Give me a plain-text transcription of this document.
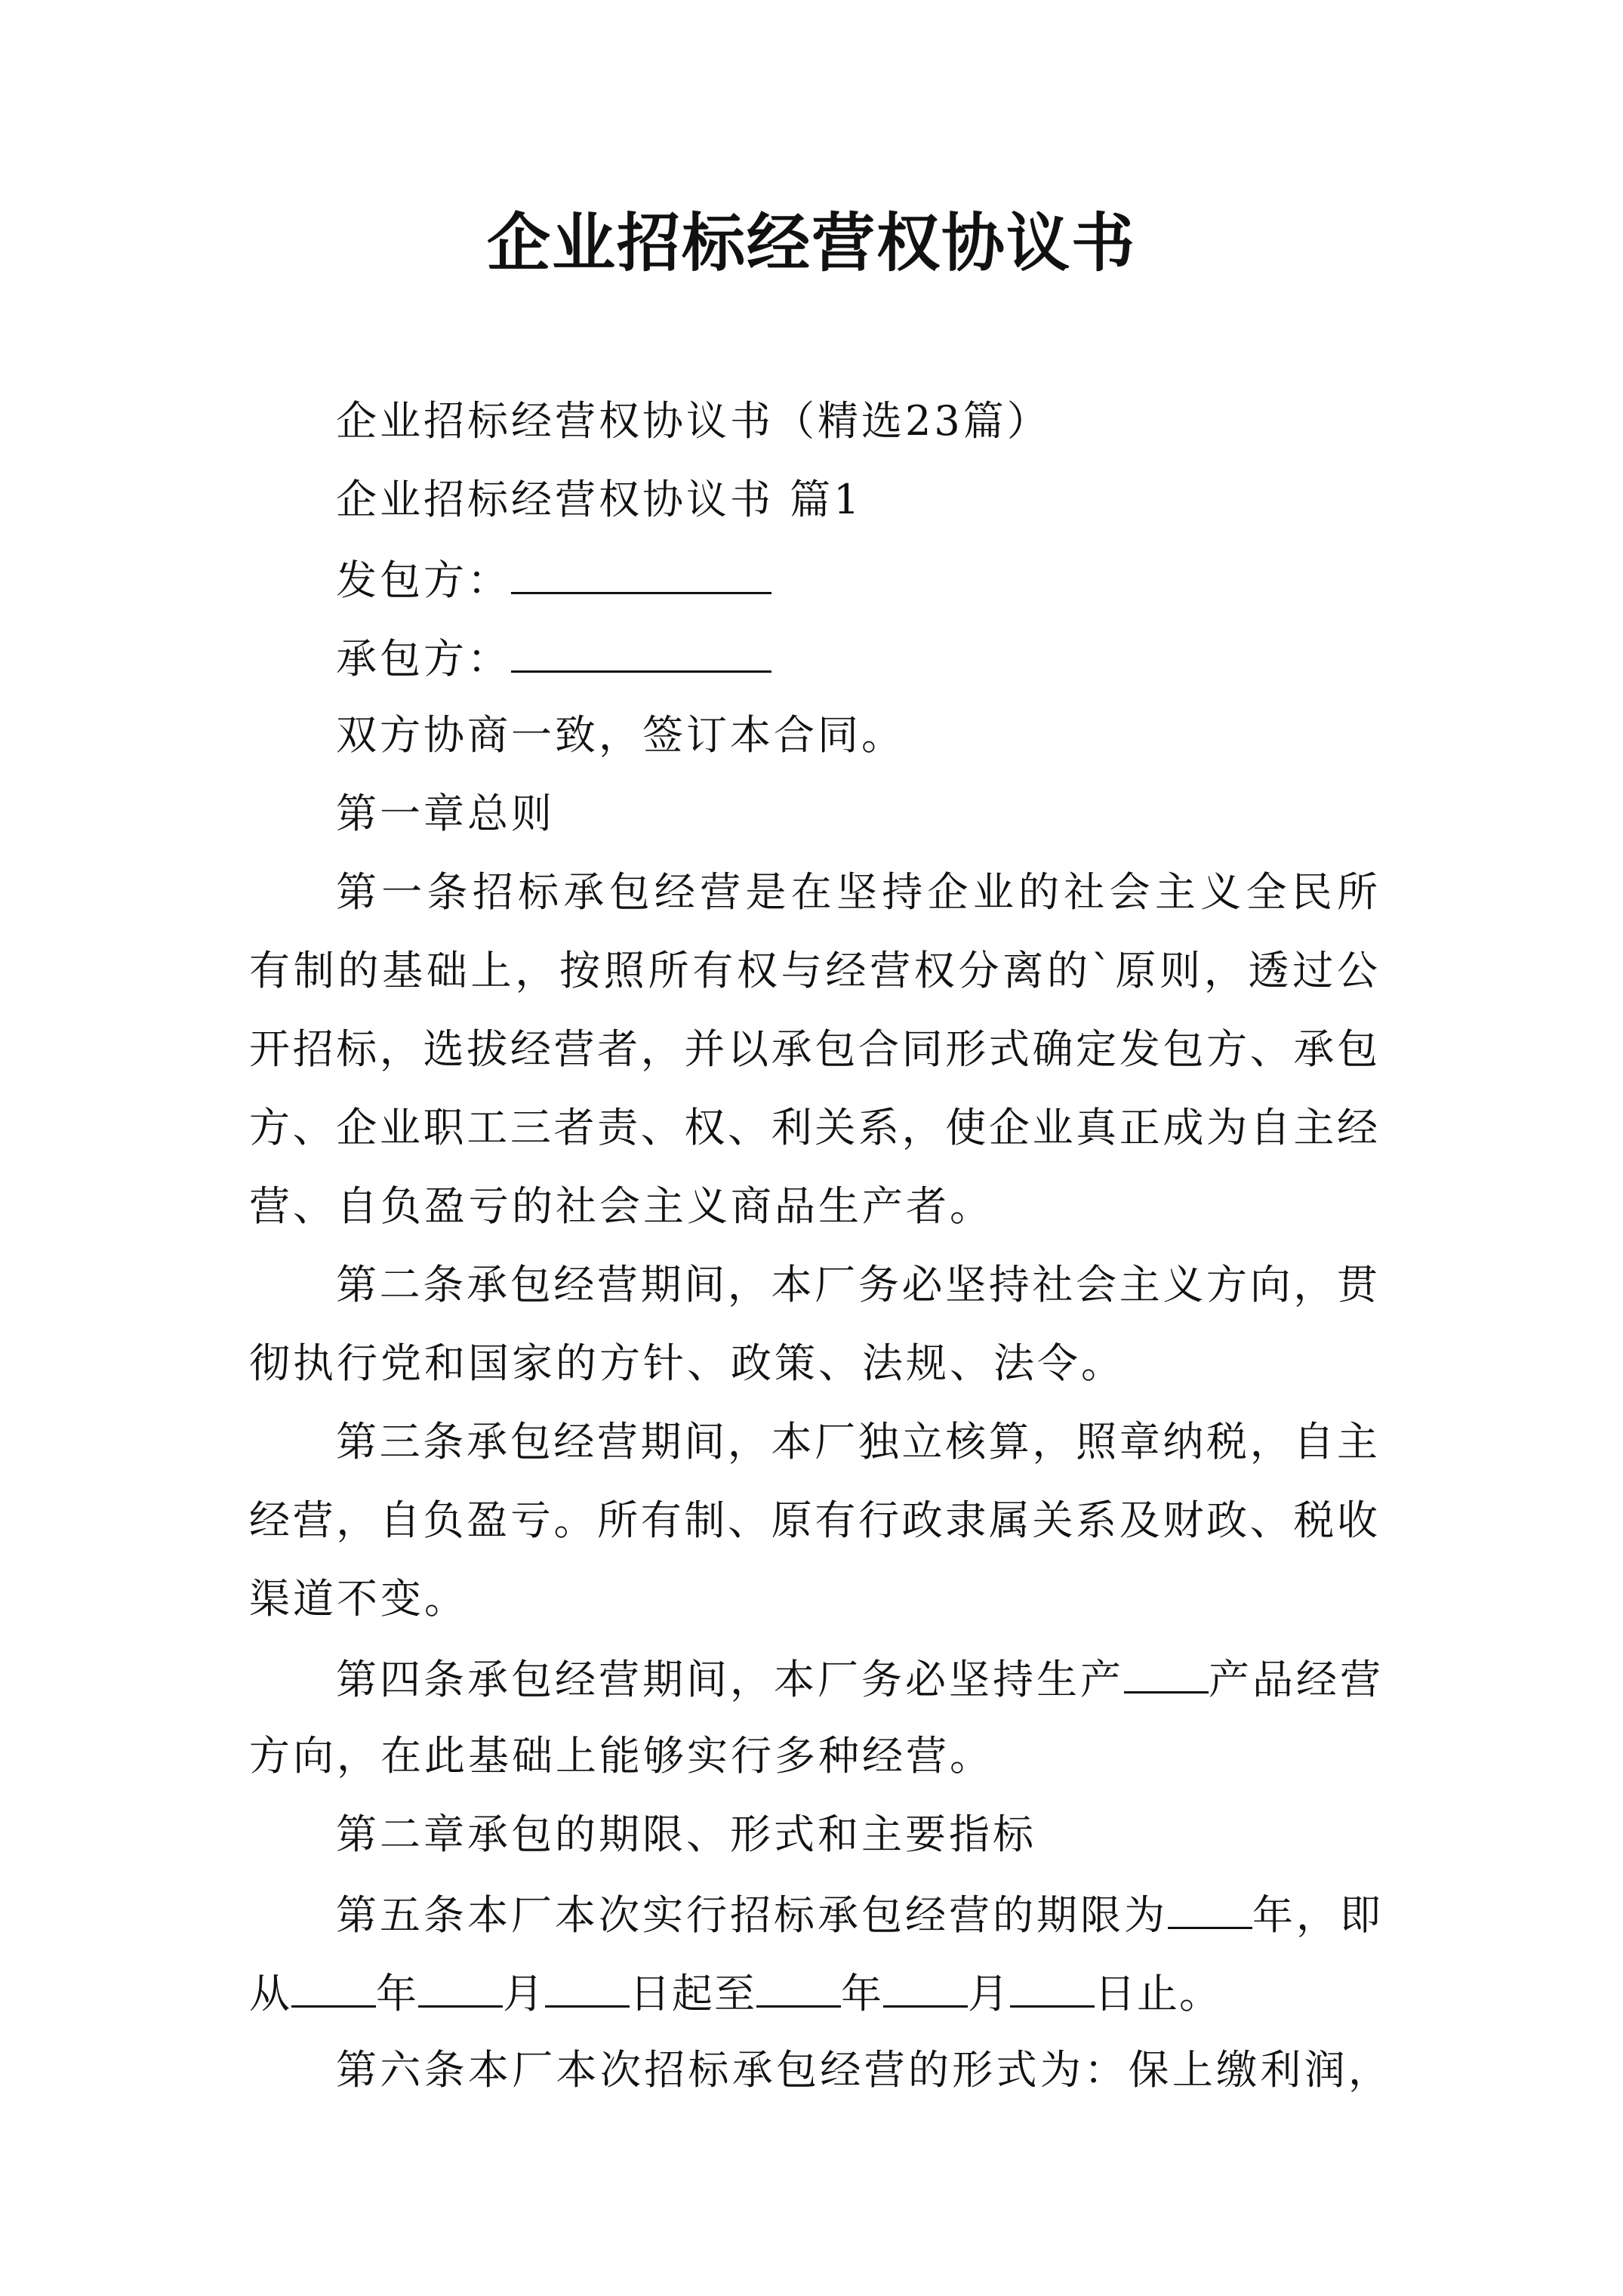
企业招标经营权协议书
企业招标经营权协议书（精选23篇）
企业招标经营权协议书 篇1
发包方：
承包方：
双方协商一致，签订本合同。
第一章总则
第一条招标承包经营是在坚持企业的社会主义全民所
有制的基础上，按照所有权与经营权分离的`原则，透过公
开招标，选拔经营者，并以承包合同形式确定发包方、承包
方、企业职工三者责、权、利关系，使企业真正成为自主经
营、自负盈亏的社会主义商品生产者。
第二条承包经营期间，本厂务必坚持社会主义方向，贯
彻执行党和国家的方针、政策、法规、法令。
第三条承包经营期间，本厂独立核算，照章纳税，自主
经营，自负盈亏。所有制、原有行政隶属关系及财政、税收
渠道不变。
第四条承包经营期间，本厂务必坚持生产 产品经营
方向，在此基础上能够实行多种经营。
第二章承包的期限、形式和主要指标
第五条本厂本次实行招标承包经营的期限为 年，即
从 年 月 日起至 年 月 日止。
第六条本厂本次招标承包经营的形式为：保上缴利润，
